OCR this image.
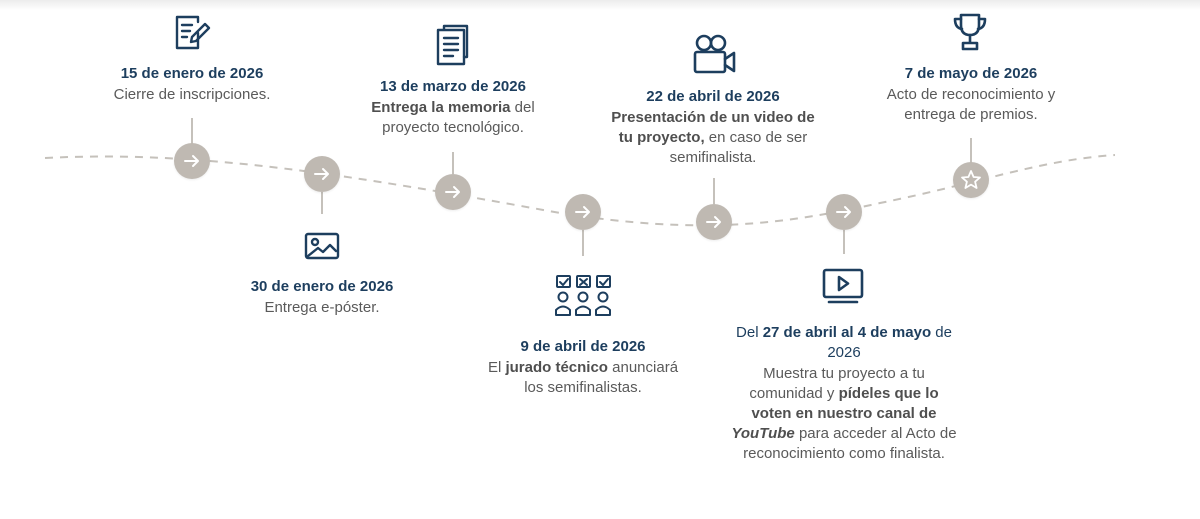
15 de enero de 2026
Cierre de inscripciones.
30 de enero de 2026
Entrega e-póster.
13 de marzo de 2026
Entrega la memoria del proyecto tecnológico.
9 de abril de 2026
El jurado técnico anunciará los semifinalistas.
22 de abril de 2026
Presentación de un video de tu proyecto, en caso de ser semifinalista.
Del 27 de abril al 4 de mayo de 2026
Muestra tu proyecto a tu comunidad y pídeles que lo voten en nuestro canal de
YouTube para acceder al Acto de reconocimiento como finalista.
7 de mayo de 2026
Acto de reconocimiento y entrega de premios.
